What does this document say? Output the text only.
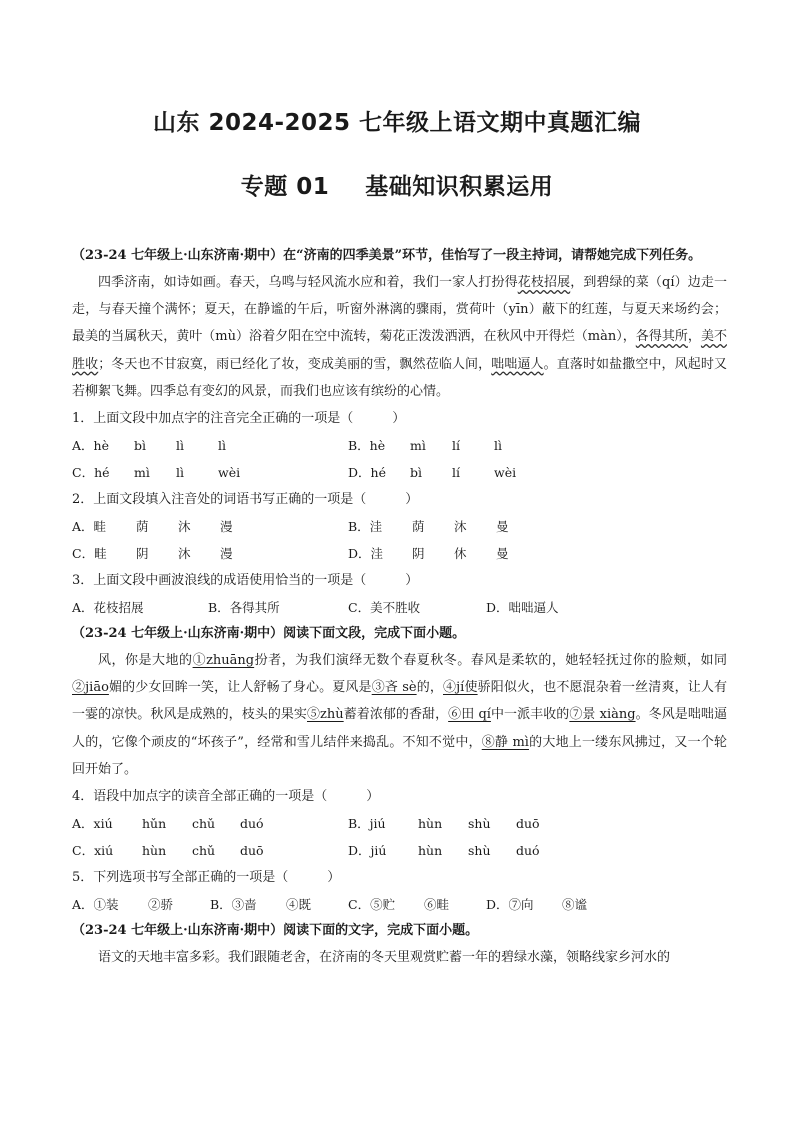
山东 2024-2025 七年级上语文期中真题汇编
专题 01 基础知识积累运用
（23-24 七年级上·山东济南·期中）在“济南的四季美景”环节，佳怡写了一段主持词，请帮她完成下列任务。
四季济南，如诗如画。春天，乌鸣与轻风流水应和着，我们一家人打扮得花枝招展，到碧绿的菜（qí）边走一走，与春天撞个满怀；夏天，在静谧的午后，听窗外淋漓的骤雨，赏荷叶（yīn）蔽下的红莲，与夏天来场约会；最美的当属秋天，黄叶（mù）浴着夕阳在空中流转，菊花正泼泼洒洒，在秋风中开得烂（màn），各得其所，美不胜收；冬天也不甘寂寞，雨已经化了妆，变成美丽的雪，飘然莅临人间，咄咄逼人。直落时如盐撒空中，风起时又若柳絮飞舞。四季总有变幻的风景，而我们也应该有缤纷的心情。
1．上面文段中加点字的注音完全正确的一项是（　　　）
A．hè bì lì	lì	B．hè mì lí	lì
C．hé mì lì	wèi	D．hé bì lí	wèi
2．上面文段填入注音处的词语书写正确的一项是（　　　）
A．畦 荫 沐 漫	B．洼 荫 沐 曼
C．畦 阴 沐 漫	D．洼 阴 休 曼
3．上面文段中画波浪线的成语使用恰当的一项是（　　　）
A．花枝招展	B．各得其所	C．美不胜收	D．咄咄逼人
（23-24 七年级上·山东济南·期中）阅读下面文段，完成下面小题。
风，你是大地的①zhuāng扮者，为我们演绎无数个春夏秋冬。春风是柔软的，她轻轻抚过你的脸颊，如同②jiāo媚的少女回眸一笑，让人舒畅了身心。夏风是③吝 sè的，④jí使骄阳似火，也不愿混杂着一丝清爽，让人有一霎的凉快。秋风是成熟的，枝头的果实⑤zhù蓄着浓郁的香甜，⑥田 qí中一派丰收的⑦景 xiàng。冬风是咄咄逼人的，它像个顽皮的“坏孩子”，经常和雪儿结伴来捣乱。不知不觉中，⑧静 mì的大地上一缕东风拂过，又一个轮回开始了。
4．语段中加点字的读音全部正确的一项是（　　　）
A．xiú hǔn chǔ duó	B．jiú	hùn shù duō
C．xiú hùn chǔ duō	D．jiú	hùn shù duó
5．下列选项书写全部正确的一项是（　　　）
A．①装 ②骄	B．③啬 ④既	C．⑤贮 ⑥畦	D．⑦向 ⑧谧
（23-24 七年级上·山东济南·期中）阅读下面的文字，完成下面小题。
语文的天地丰富多彩。我们跟随老舍，在济南的冬天里观赏贮蓄一年的碧绿水藻，领略线家乡河水的
